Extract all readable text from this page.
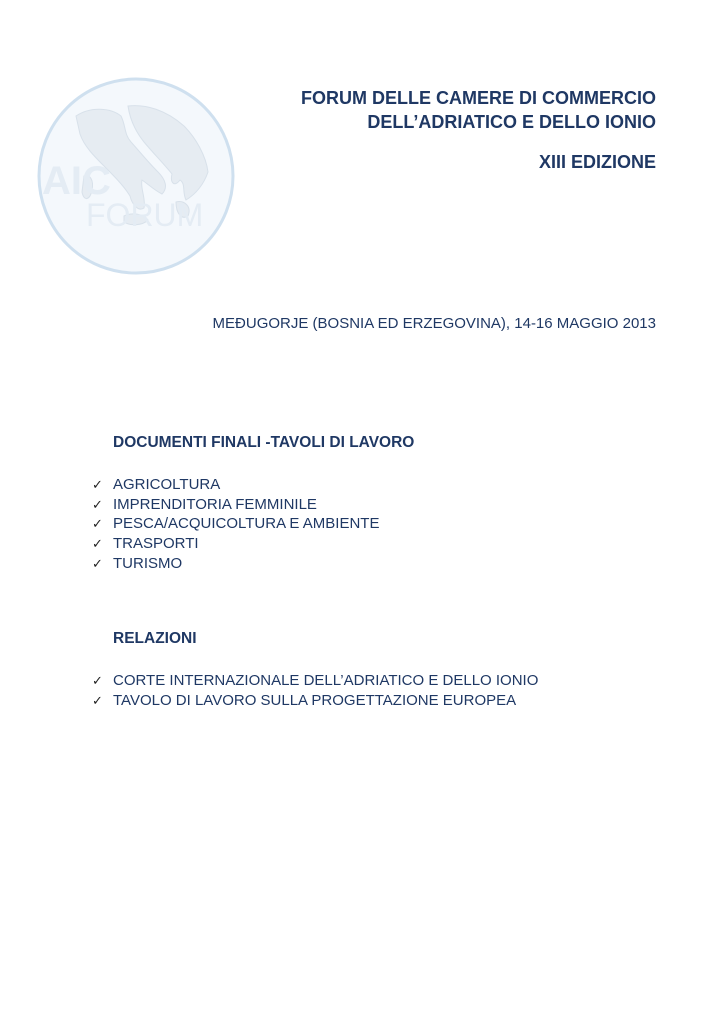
AIC
FORUM
FORUM DELLE CAMERE DI COMMERCIO
DELL’ADRIATICO E DELLO IONIO
XIII EDIZIONE
MEĐUGORJE (BOSNIA ED ERZEGOVINA), 14-16 MAGGIO 2013
DOCUMENTI FINALI -TAVOLI DI LAVORO
✓ AGRICOLTURA
✓ IMPRENDITORIA FEMMINILE
✓ PESCA/ACQUICOLTURA E AMBIENTE
✓ TRASPORTI
✓ TURISMO
RELAZIONI
✓ CORTE INTERNAZIONALE DELL’ADRIATICO E DELLO IONIO
✓ TAVOLO DI LAVORO SULLA PROGETTAZIONE EUROPEA
